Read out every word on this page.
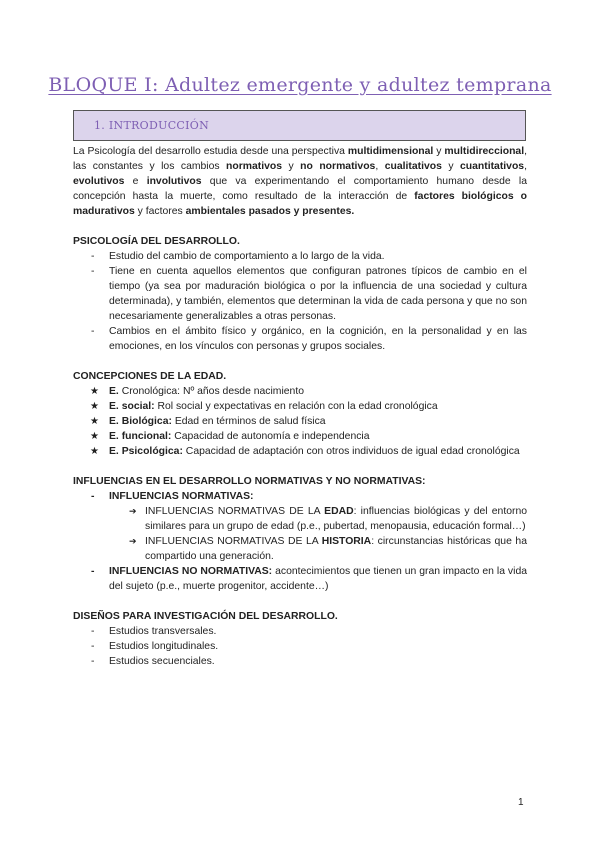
BLOQUE I: Adultez emergente y adultez temprana
1. INTRODUCCIÓN

La Psicología del desarrollo estudia desde una perspectiva multidimensional y multidireccional, las constantes y los cambios normativos y no normativos, cualitativos y cuantitativos, evolutivos e involutivos que va experimentando el comportamiento humano desde la concepción hasta la muerte, como resultado de la interacción de factores biológicos o madurativos y factores ambientales pasados y presentes.

PSICOLOGÍA DEL DESARROLLO.

- Estudio del cambio de comportamiento a lo largo de la vida.
- Tiene en cuenta aquellos elementos que configuran patrones típicos de cambio en el tiempo (ya sea por maduración biológica o por la influencia de una sociedad y cultura determinada), y también, elementos que determinan la vida de cada persona y que no son necesariamente generalizables a otras personas.
- Cambios en el ámbito físico y orgánico, en la cognición, en la personalidad y en las emociones, en los vínculos con personas y grupos sociales.

CONCEPCIONES DE LA EDAD.

★ E. Cronológica: Nº años desde nacimiento
★ E. social: Rol social y expectativas en relación con la edad cronológica
★ E. Biológica: Edad en términos de salud física
★ E. funcional: Capacidad de autonomía e independencia
★ E. Psicológica: Capacidad de adaptación con otros individuos de igual edad cronológica

INFLUENCIAS EN EL DESARROLLO NORMATIVAS Y NO NORMATIVAS:

- INFLUENCIAS NORMATIVAS:
➔ INFLUENCIAS NORMATIVAS DE LA EDAD: influencias biológicas y del entorno similares para un grupo de edad (p.e., pubertad, menopausia, educación formal…)
➔ INFLUENCIAS NORMATIVAS DE LA HISTORIA: circunstancias históricas que ha compartido una generación.
- INFLUENCIAS NO NORMATIVAS: acontecimientos que tienen un gran impacto en la vida del sujeto (p.e., muerte progenitor, accidente…)

DISEÑOS PARA INVESTIGACIÓN DEL DESARROLLO.

- Estudios transversales.
- Estudios longitudinales.
- Estudios secuenciales.
1
